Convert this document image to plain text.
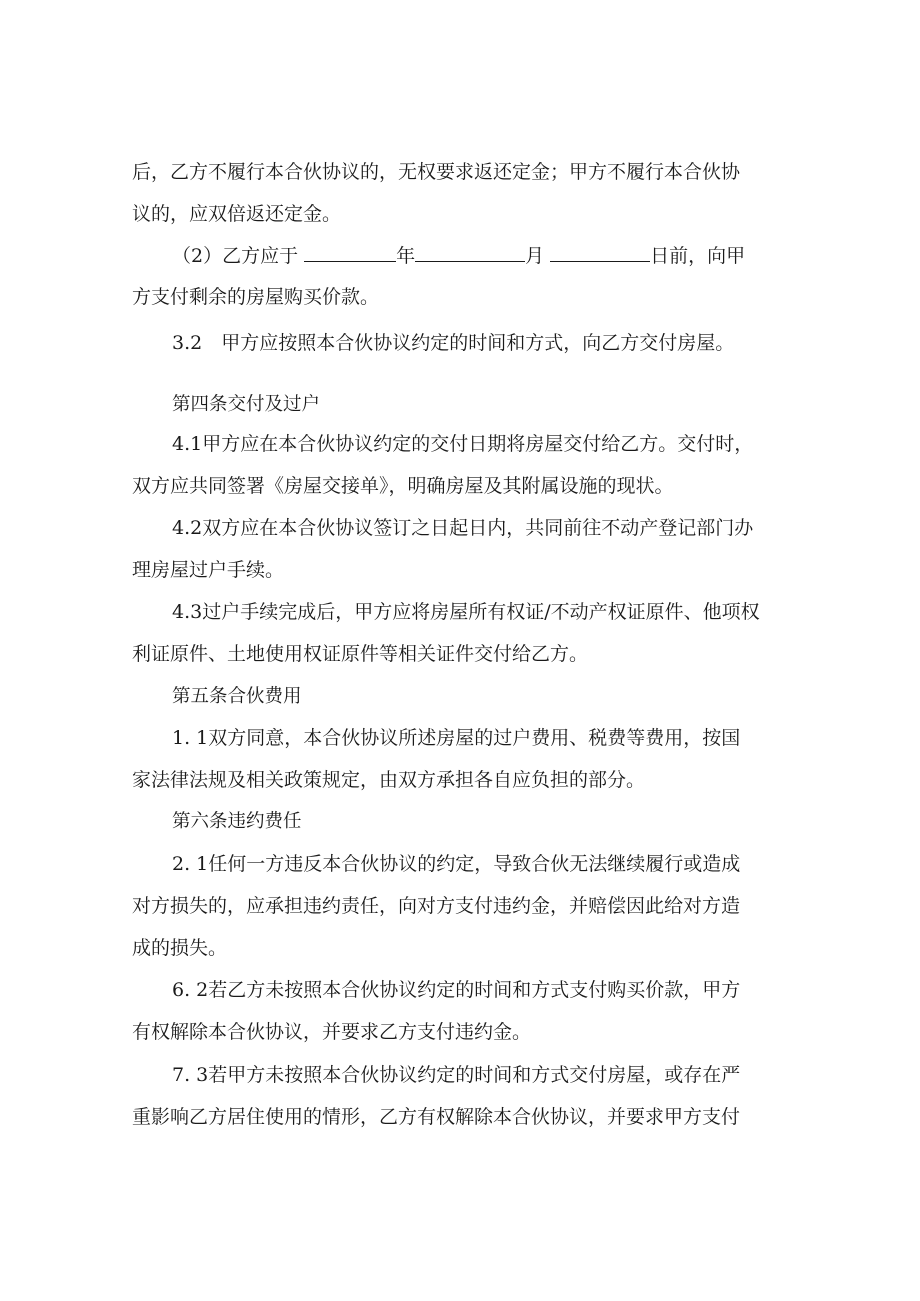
后，乙方不履行本合伙协议的，无权要求返还定金；甲方不履行本合伙协
议的，应双倍返还定金。
（2）乙方应于	年	月	日前，向甲
方支付剩余的房屋购买价款。
3.2　甲方应按照本合伙协议约定的时间和方式，向乙方交付房屋。
第四条交付及过户
4.1甲方应在本合伙协议约定的交付日期将房屋交付给乙方。交付时，
双方应共同签署《房屋交接单》，明确房屋及其附属设施的现状。
4.2双方应在本合伙协议签订之日起日内，共同前往不动产登记部门办
理房屋过户手续。
4.3过户手续完成后，甲方应将房屋所有权证/不动产权证原件、他项权
利证原件、土地使用权证原件等相关证件交付给乙方。
第五条合伙费用
1. 1双方同意，本合伙协议所述房屋的过户费用、税费等费用，按国
家法律法规及相关政策规定，由双方承担各自应负担的部分。
第六条违约费任
2. 1任何一方违反本合伙协议的约定，导致合伙无法继续履行或造成
对方损失的，应承担违约责任，向对方支付违约金，并赔偿因此给对方造
成的损失。
6. 2若乙方未按照本合伙协议约定的时间和方式支付购买价款，甲方
有权解除本合伙协议，并要求乙方支付违约金。
7. 3若甲方未按照本合伙协议约定的时间和方式交付房屋，或存在严
重影响乙方居住使用的情形，乙方有权解除本合伙协议，并要求甲方支付
